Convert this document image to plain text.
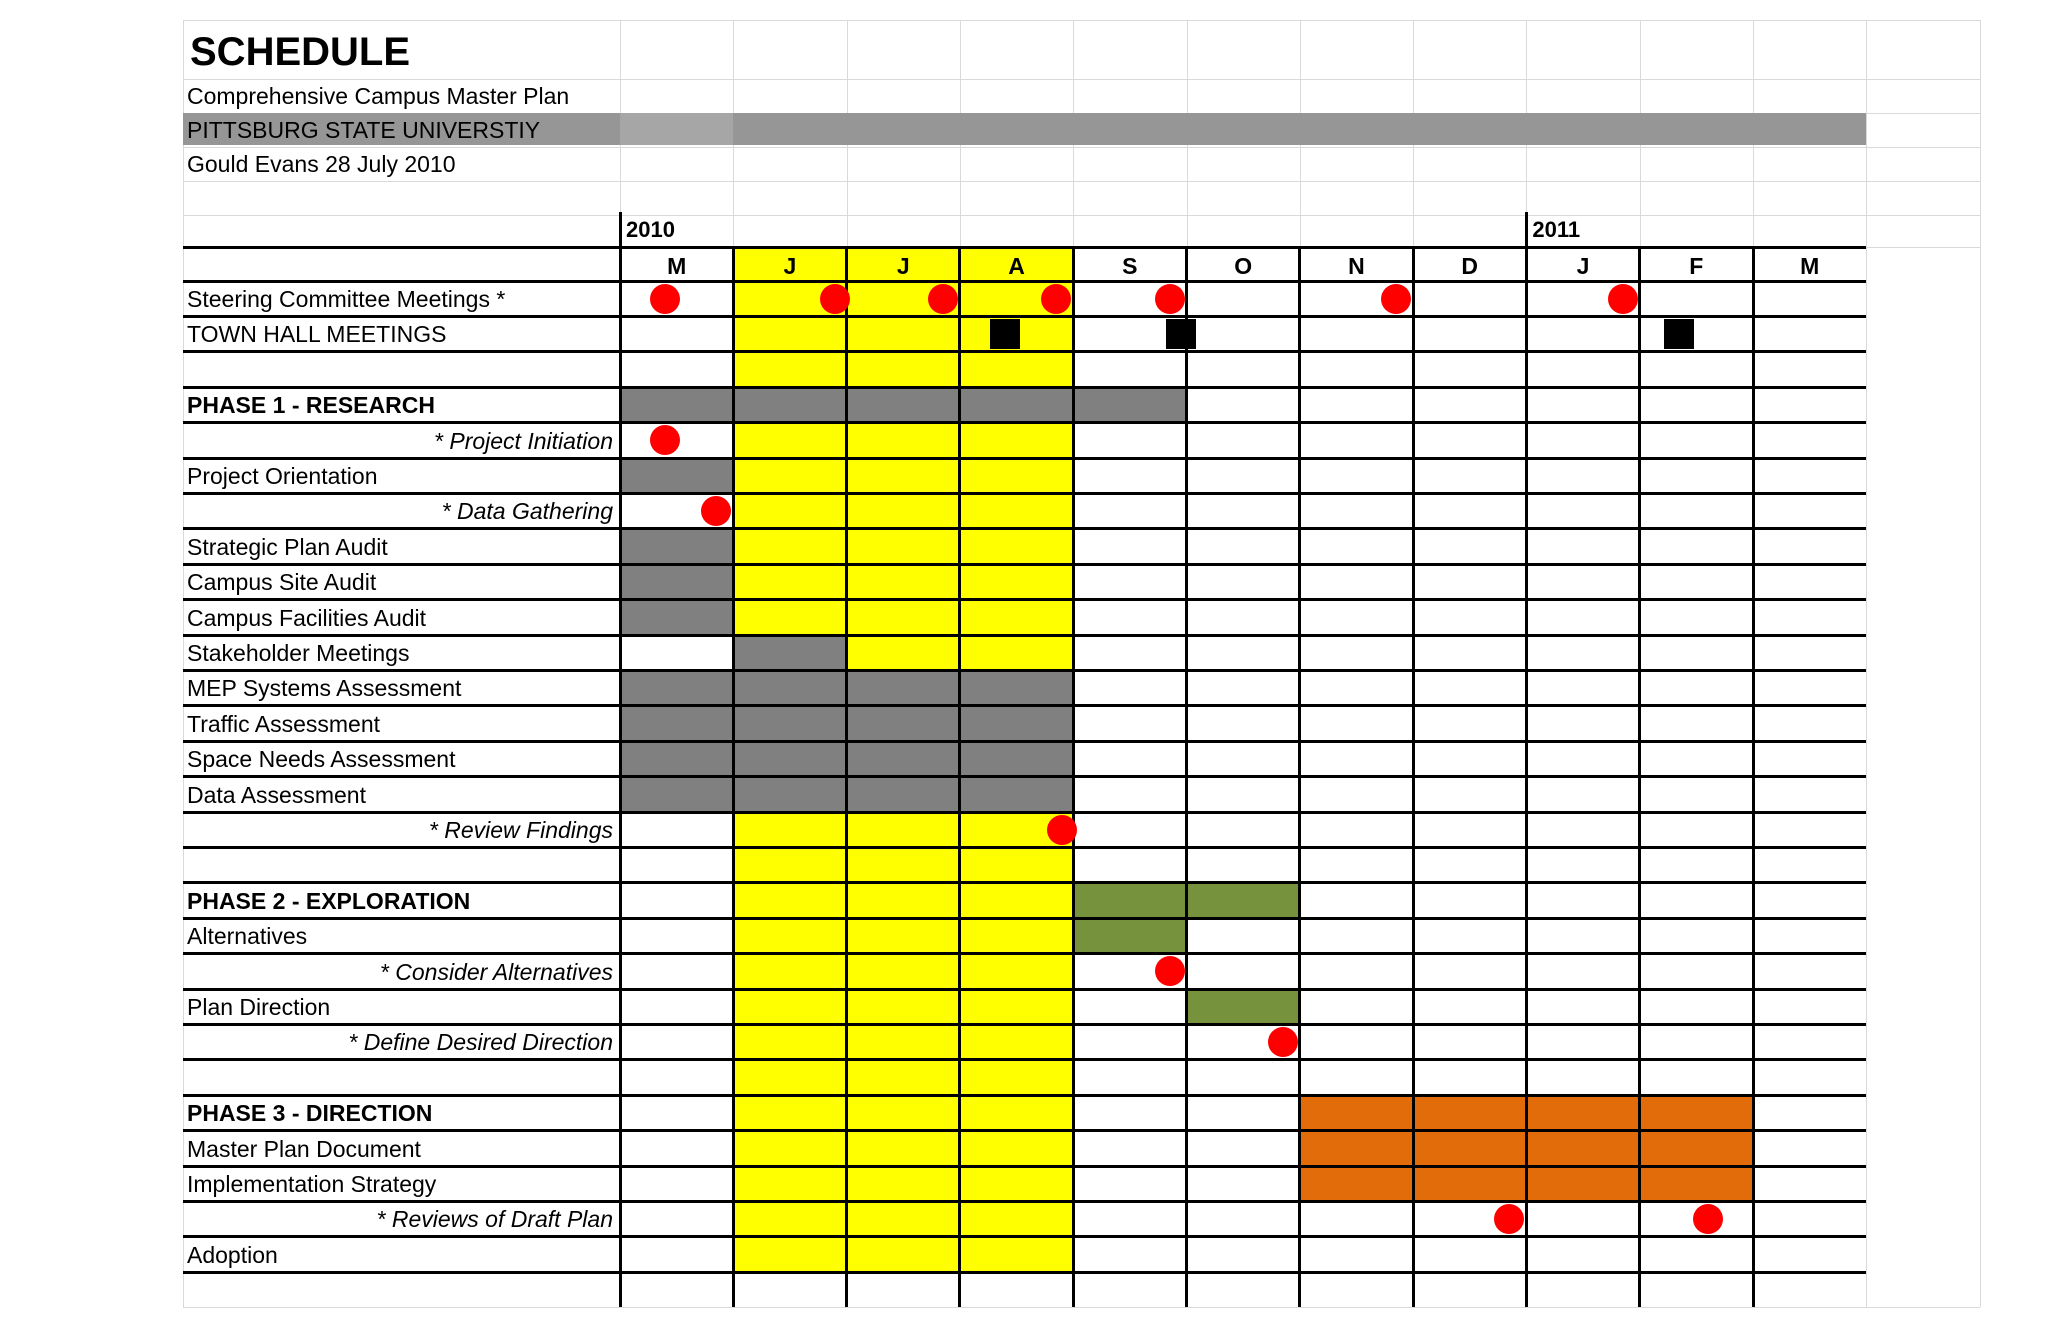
SCHEDULE
Comprehensive Campus Master Plan
PITTSBURG STATE UNIVERSTIY
Gould Evans 28 July 2010
2010	2011
M	J	J	A	S	O	N	D	J	F	M
Steering Committee Meetings *
TOWN HALL MEETINGS
PHASE 1 - RESEARCH
* Project Initiation
Project Orientation
* Data Gathering
Strategic Plan Audit
Campus Site Audit
Campus Facilities Audit
Stakeholder Meetings
MEP Systems Assessment
Traffic Assessment
Space Needs Assessment
Data Assessment
* Review Findings
PHASE 2 - EXPLORATION
Alternatives
* Consider Alternatives
Plan Direction
* Define Desired Direction
PHASE 3 - DIRECTION
Master Plan Document
Implementation Strategy
* Reviews of Draft Plan
Adoption
